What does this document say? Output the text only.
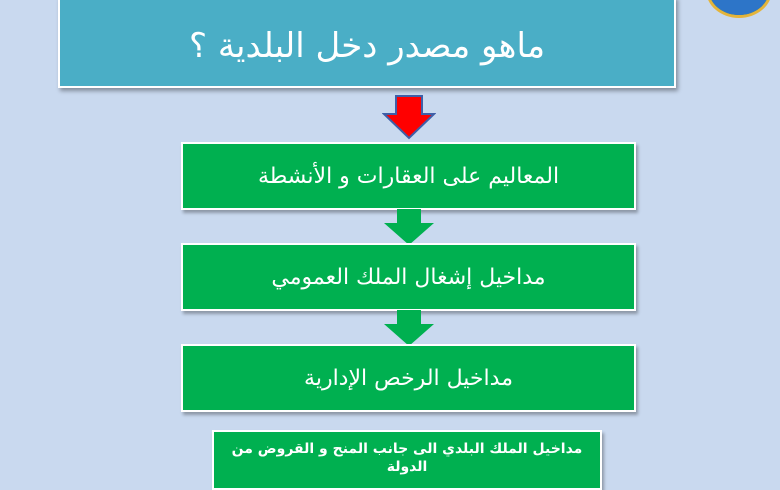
ماهو مصدر دخل البلدية ؟
المعاليم على العقارات و الأنشطة
مداخيل إشغال الملك العمومي
مداخيل الرخص الإدارية
مداخيل الملك البلدي الى جانب المنح و القروض من الدولة
